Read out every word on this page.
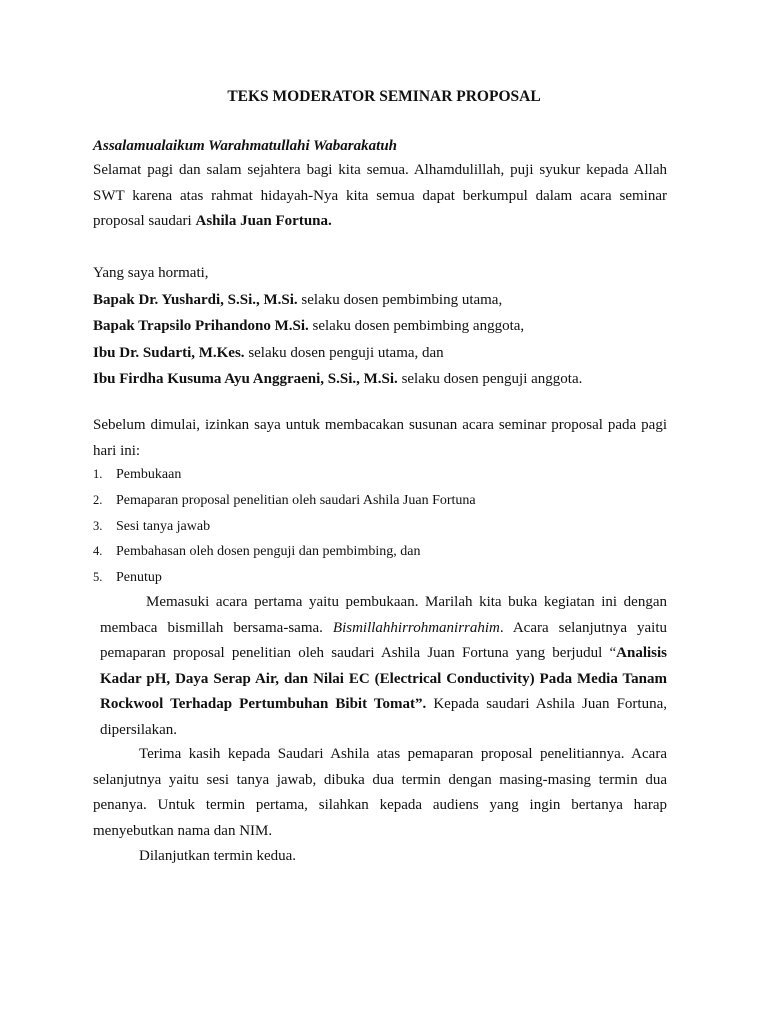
TEKS MODERATOR SEMINAR PROPOSAL
Assalamualaikum Warahmatullahi Wabarakatuh
Selamat pagi dan salam sejahtera bagi kita semua. Alhamdulillah, puji syukur kepada Allah SWT karena atas rahmat hidayah-Nya kita semua dapat berkumpul dalam acara seminar proposal saudari Ashila Juan Fortuna.
Yang saya hormati,
Bapak Dr. Yushardi, S.Si., M.Si. selaku dosen pembimbing utama,
Bapak Trapsilo Prihandono M.Si. selaku dosen pembimbing anggota,
Ibu Dr. Sudarti, M.Kes. selaku dosen penguji utama, dan
Ibu Firdha Kusuma Ayu Anggraeni, S.Si., M.Si. selaku dosen penguji anggota.
Sebelum dimulai, izinkan saya untuk membacakan susunan acara seminar proposal pada pagi hari ini:
1. Pembukaan
2. Pemaparan proposal penelitian oleh saudari Ashila Juan Fortuna
3. Sesi tanya jawab
4. Pembahasan oleh dosen penguji dan pembimbing, dan
5. Penutup
Memasuki acara pertama yaitu pembukaan. Marilah kita buka kegiatan ini dengan membaca bismillah bersama-sama. Bismillahhirrohmanirrahim. Acara selanjutnya yaitu pemaparan proposal penelitian oleh saudari Ashila Juan Fortuna yang berjudul “Analisis Kadar pH, Daya Serap Air, dan Nilai EC (Electrical Conductivity) Pada Media Tanam Rockwool Terhadap Pertumbuhan Bibit Tomat”. Kepada saudari Ashila Juan Fortuna, dipersilakan.
Terima kasih kepada Saudari Ashila atas pemaparan proposal penelitiannya. Acara selanjutnya yaitu sesi tanya jawab, dibuka dua termin dengan masing-masing termin dua penanya. Untuk termin pertama, silahkan kepada audiens yang ingin bertanya harap menyebutkan nama dan NIM.
Dilanjutkan termin kedua.
